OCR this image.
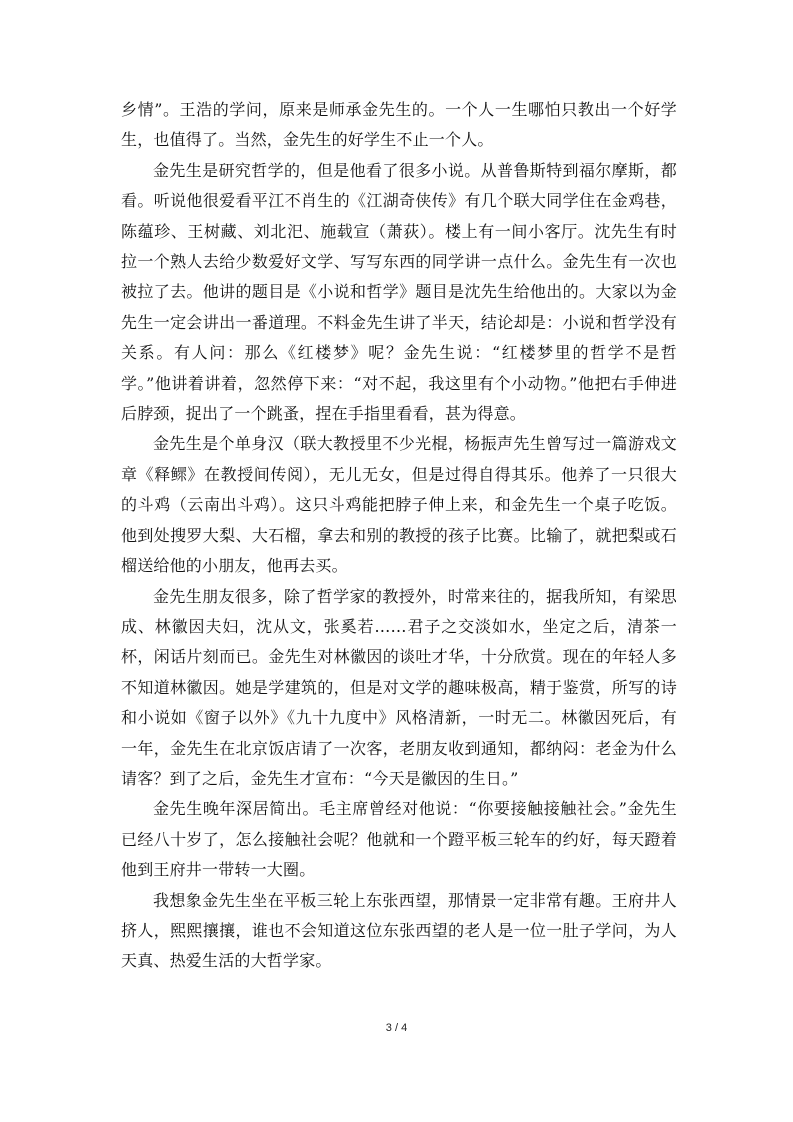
乡情”。王浩的学问，原来是师承金先生的。一个人一生哪怕只教出一个好学生，也值得了。当然，金先生的好学生不止一个人。

金先生是研究哲学的，但是他看了很多小说。从普鲁斯特到福尔摩斯，都看。听说他很爱看平江不肖生的《江湖奇侠传》有几个联大同学住在金鸡巷，陈蕴珍、王树藏、刘北汜、施载宣（萧荻）。楼上有一间小客厅。沈先生有时拉一个熟人去给少数爱好文学、写写东西的同学讲一点什么。金先生有一次也被拉了去。他讲的题目是《小说和哲学》题目是沈先生给他出的。大家以为金先生一定会讲出一番道理。不料金先生讲了半天，结论却是：小说和哲学没有关系。有人问：那么《红楼梦》呢？金先生说：“红楼梦里的哲学不是哲学。”他讲着讲着，忽然停下来：“对不起，我这里有个小动物。”他把右手伸进后脖颈，捉出了一个跳蚤，捏在手指里看看，甚为得意。

金先生是个单身汉（联大教授里不少光棍，杨振声先生曾写过一篇游戏文章《释鳏》在教授间传阅），无儿无女，但是过得自得其乐。他养了一只很大的斗鸡（云南出斗鸡）。这只斗鸡能把脖子伸上来，和金先生一个桌子吃饭。他到处搜罗大梨、大石榴，拿去和别的教授的孩子比赛。比输了，就把梨或石榴送给他的小朋友，他再去买。

金先生朋友很多，除了哲学家的教授外，时常来往的，据我所知，有梁思成、林徽因夫妇，沈从文，张奚若……君子之交淡如水，坐定之后，清茶一杯，闲话片刻而已。金先生对林徽因的谈吐才华，十分欣赏。现在的年轻人多不知道林徽因。她是学建筑的，但是对文学的趣味极高，精于鉴赏，所写的诗和小说如《窗子以外》《九十九度中》风格清新，一时无二。林徽因死后，有一年，金先生在北京饭店请了一次客，老朋友收到通知，都纳闷：老金为什么请客？到了之后，金先生才宣布：“今天是徽因的生日。”

金先生晚年深居简出。毛主席曾经对他说：“你要接触接触社会。”金先生已经八十岁了，怎么接触社会呢？他就和一个蹬平板三轮车的约好，每天蹬着他到王府井一带转一大圈。

我想象金先生坐在平板三轮上东张西望，那情景一定非常有趣。王府井人挤人，熙熙攘攘，谁也不会知道这位东张西望的老人是一位一肚子学问，为人天真、热爱生活的大哲学家。

3 / 4
